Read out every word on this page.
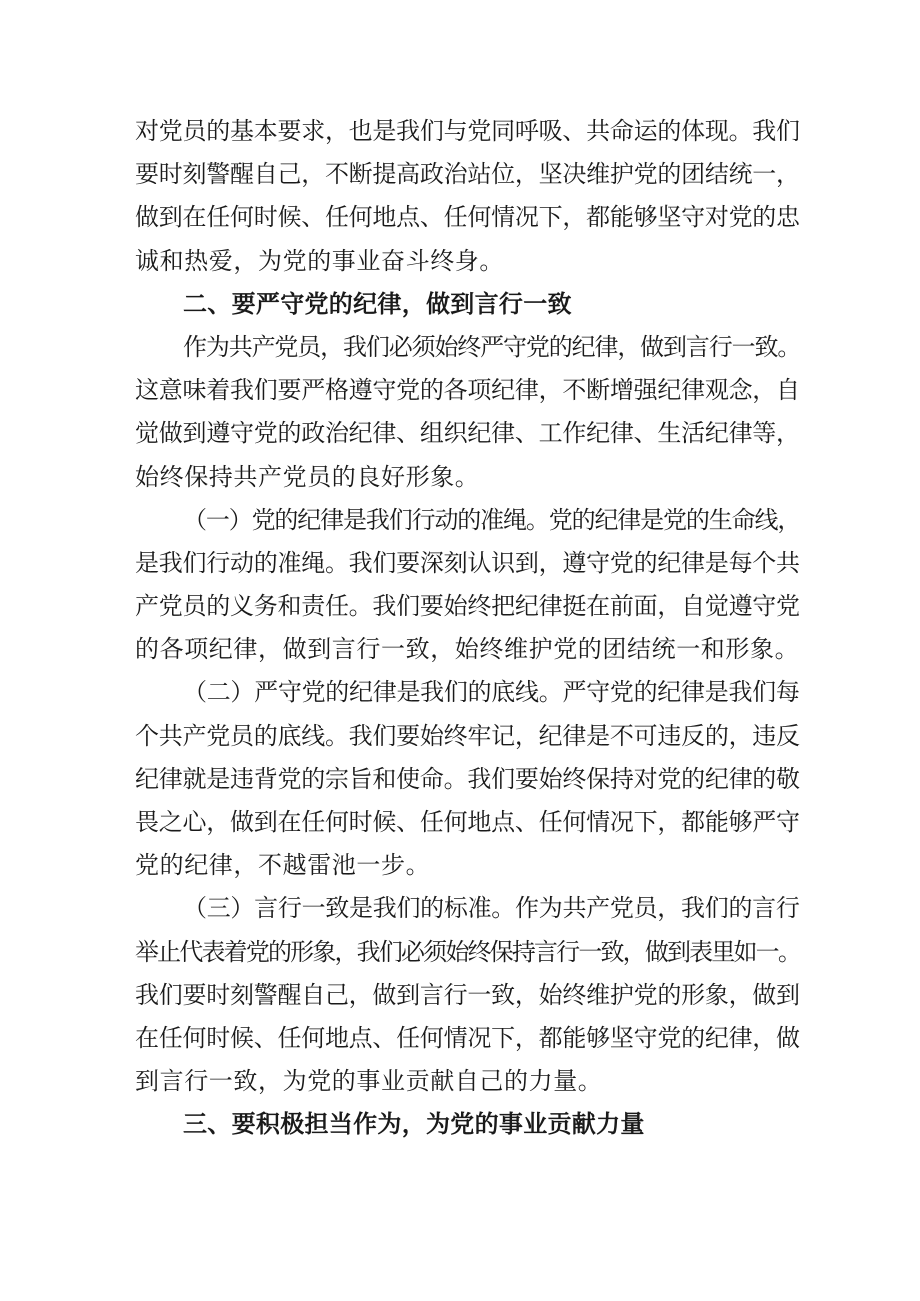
对党员的基本要求，也是我们与党同呼吸、共命运的体现。我们
要时刻警醒自己，不断提高政治站位，坚决维护党的团结统一，
做到在任何时候、任何地点、任何情况下，都能够坚守对党的忠
诚和热爱，为党的事业奋斗终身。
二、要严守党的纪律，做到言行一致
作为共产党员，我们必须始终严守党的纪律，做到言行一致。
这意味着我们要严格遵守党的各项纪律，不断增强纪律观念，自
觉做到遵守党的政治纪律、组织纪律、工作纪律、生活纪律等，
始终保持共产党员的良好形象。
（一）党的纪律是我们行动的准绳。党的纪律是党的生命线，
是我们行动的准绳。我们要深刻认识到，遵守党的纪律是每个共
产党员的义务和责任。我们要始终把纪律挺在前面，自觉遵守党
的各项纪律，做到言行一致，始终维护党的团结统一和形象。
（二）严守党的纪律是我们的底线。严守党的纪律是我们每
个共产党员的底线。我们要始终牢记，纪律是不可违反的，违反
纪律就是违背党的宗旨和使命。我们要始终保持对党的纪律的敬
畏之心，做到在任何时候、任何地点、任何情况下，都能够严守
党的纪律，不越雷池一步。
（三）言行一致是我们的标准。作为共产党员，我们的言行
举止代表着党的形象，我们必须始终保持言行一致，做到表里如一。
我们要时刻警醒自己，做到言行一致，始终维护党的形象，做到
在任何时候、任何地点、任何情况下，都能够坚守党的纪律，做
到言行一致，为党的事业贡献自己的力量。
三、要积极担当作为，为党的事业贡献力量
